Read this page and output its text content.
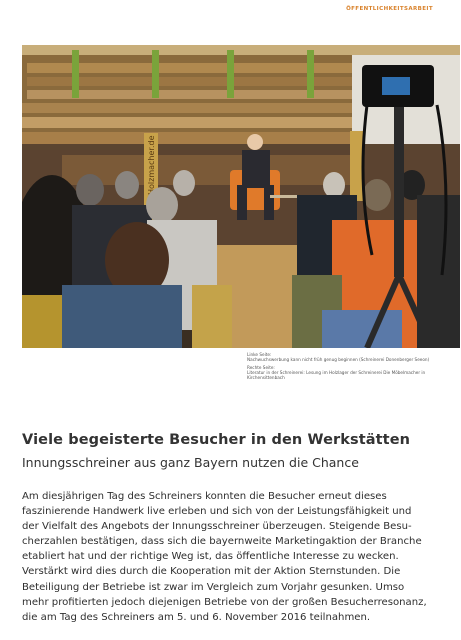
ÖFFENTLICHKEITSARBEIT
Holzmacher.de
Linke Seite:
Nachwuchswerbung kann nicht früh genug beginnen (Schreinerei Donenberger Seeon)
Rechte Seite:
Literatur in der Schreinerei: Lesung im Holzlager der Schreinerei Die Möbelmacher in Kirchensittenbach
Viele begeisterte Besucher in den Werkstätten
Innungsschreiner aus ganz Bayern nutzen die Chance
Am diesjährigen Tag des Schreiners konnten die Besucher erneut dieses
faszinierende Handwerk live erleben und sich von der Leistungsfähigkeit und
der Vielfalt des Angebots der Innungsschreiner überzeugen. Steigende Besu-
cherzahlen bestätigen, dass sich die bayernweite Marketingaktion der Branche
etabliert hat und der richtige Weg ist, das öffentliche Interesse zu wecken.
Verstärkt wird dies durch die Kooperation mit der Aktion Sternstunden. Die
Beteiligung der Betriebe ist zwar im Vergleich zum Vorjahr gesunken. Umso
mehr profitierten jedoch diejenigen Betriebe von der großen Besucherresonanz,
die am Tag des Schreiners am 5. und 6. November 2016 teilnahmen.
